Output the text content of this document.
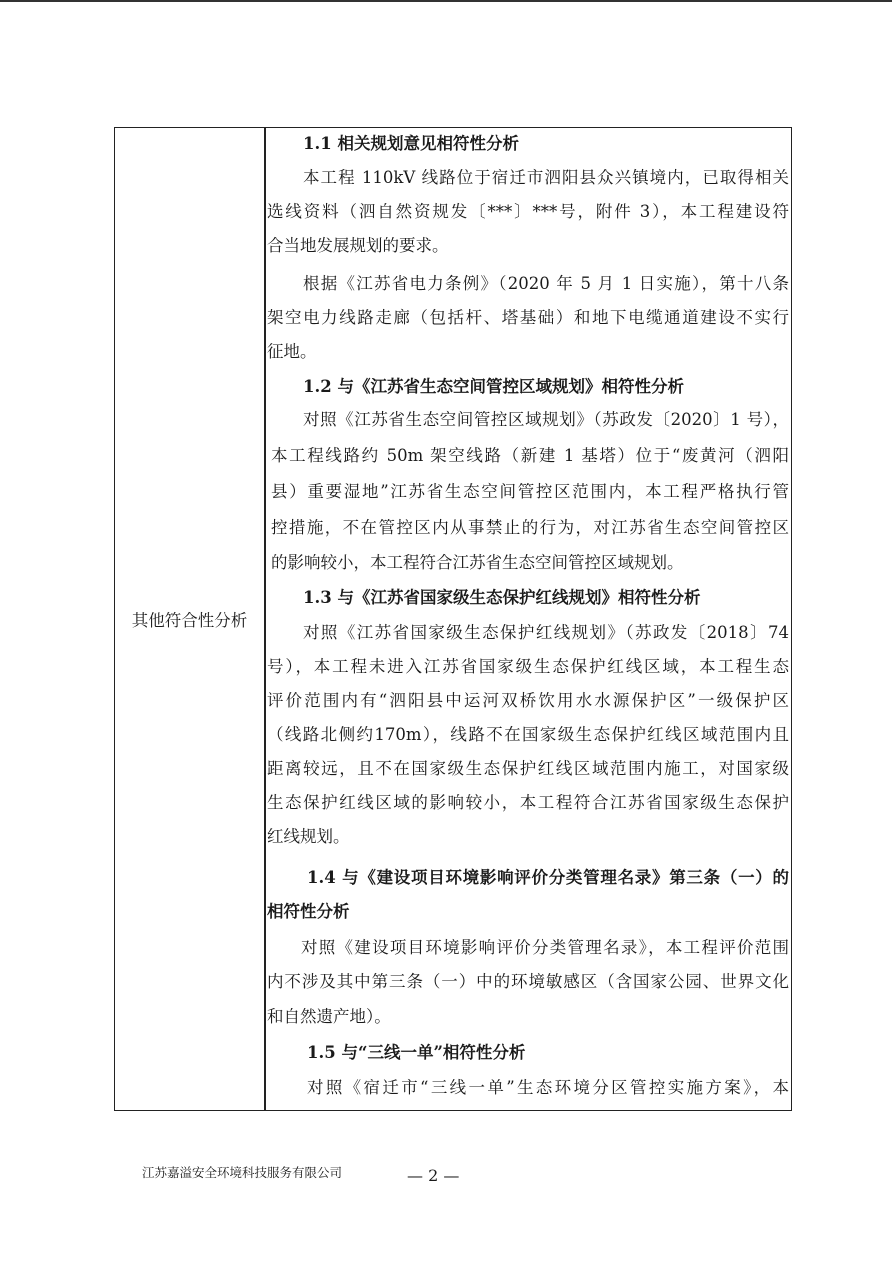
其他符合性分析
1.1 相关规划意见相符性分析
本工程 110kV 线路位于宿迁市泗阳县众兴镇境内，已取得相关
选线资料（泗自然资规发〔***〕***号，附件 3），本工程建设符
合当地发展规划的要求。
根据《江苏省电力条例》（2020 年 5 月 1 日实施），第十八条
架空电力线路走廊（包括杆、塔基础）和地下电缆通道建设不实行
征地。
1.2 与《江苏省生态空间管控区域规划》相符性分析
对照《江苏省生态空间管控区域规划》（苏政发〔2020〕1 号），
本工程线路约 50m 架空线路（新建 1 基塔）位于“废黄河（泗阳
县）重要湿地”江苏省生态空间管控区范围内，本工程严格执行管
控措施，不在管控区内从事禁止的行为，对江苏省生态空间管控区
的影响较小，本工程符合江苏省生态空间管控区域规划。
1.3 与《江苏省国家级生态保护红线规划》相符性分析
对照《江苏省国家级生态保护红线规划》（苏政发〔2018〕74
号），本工程未进入江苏省国家级生态保护红线区域，本工程生态
评价范围内有“泗阳县中运河双桥饮用水水源保护区”一级保护区
（线路北侧约170m），线路不在国家级生态保护红线区域范围内且
距离较远，且不在国家级生态保护红线区域范围内施工，对国家级
生态保护红线区域的影响较小，本工程符合江苏省国家级生态保护
红线规划。
1.4 与《建设项目环境影响评价分类管理名录》第三条（一）的
相符性分析
对照《建设项目环境影响评价分类管理名录》，本工程评价范围
内不涉及其中第三条（一）中的环境敏感区（含国家公园、世界文化
和自然遗产地）。
1.5 与“三线一单”相符性分析
对照《宿迁市“三线一单”生态环境分区管控实施方案》，本
江苏嘉溢安全环境科技服务有限公司	— 2 —
